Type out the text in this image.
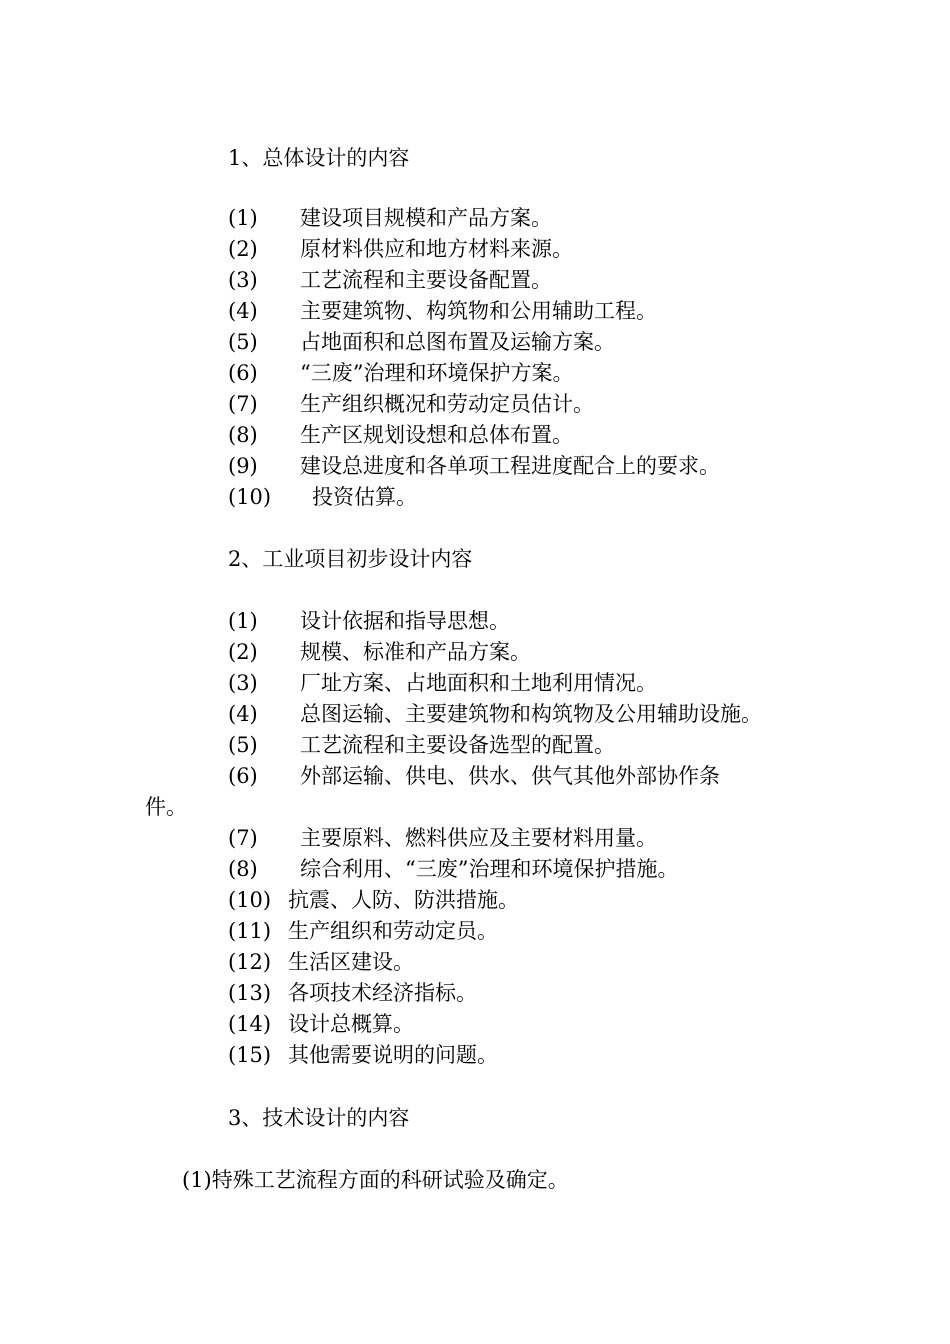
1、总体设计的内容
(1) 建设项目规模和产品方案。
(2) 原材料供应和地方材料来源。
(3) 工艺流程和主要设备配置。
(4) 主要建筑物、构筑物和公用辅助工程。
(5) 占地面积和总图布置及运输方案。
(6) “三废”治理和环境保护方案。
(7) 生产组织概况和劳动定员估计。
(8) 生产区规划设想和总体布置。
(9) 建设总进度和各单项工程进度配合上的要求。
(10) 投资估算。
2、工业项目初步设计内容
(1) 设计依据和指导思想。
(2) 规模、标准和产品方案。
(3) 厂址方案、占地面积和土地利用情况。
(4) 总图运输、主要建筑物和构筑物及公用辅助设施。
(5) 工艺流程和主要设备选型的配置。
(6) 外部运输、供电、供水、供气其他外部协作条
件。
(7) 主要原料、燃料供应及主要材料用量。
(8) 综合利用、“三废”治理和环境保护措施。
(10) 抗震、人防、防洪措施。
(11) 生产组织和劳动定员。
(12) 生活区建设。
(13) 各项技术经济指标。
(14) 设计总概算。
(15) 其他需要说明的问题。
3、技术设计的内容
(1)特殊工艺流程方面的科研试验及确定。
